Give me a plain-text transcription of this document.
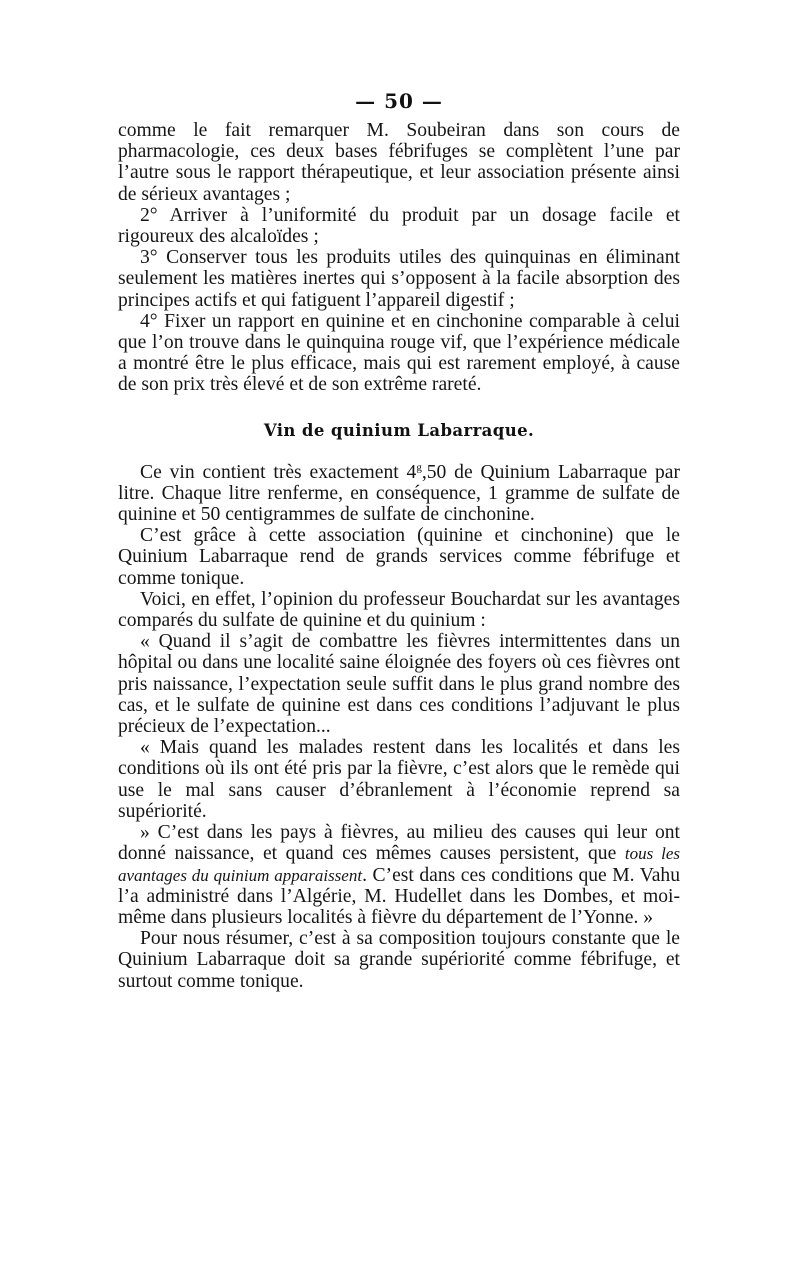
— 50 —

comme le fait remarquer M. Soubeiran dans son cours de pharmacologie, ces deux bases fébrifuges se complètent l’une par l’autre sous le rapport thérapeutique, et leur association présente ainsi de sérieux avantages ;

2° Arriver à l’uniformité du produit par un dosage facile et rigoureux des alcaloïdes ;

3° Conserver tous les produits utiles des quinquinas en éliminant seulement les matières inertes qui s’opposent à la facile absorption des principes actifs et qui fatiguent l’appareil digestif ;

4° Fixer un rapport en quinine et en cinchonine comparable à celui que l’on trouve dans le quinquina rouge vif, que l’expérience médicale a montré être le plus efficace, mais qui est rarement employé, à cause de son prix très élevé et de son extrême rareté.

Vin de quinium Labarraque .

Ce vin contient très exactement 4$^g$,50 de Quinium Labarraque par litre. Chaque litre renferme, en conséquence, 1 gramme de sulfate de quinine et 50 centigrammes de sulfate de cinchonine.

C’est grâce à cette association (quinine et cinchonine) que le Quinium Labarraque rend de grands services comme fébrifuge et comme tonique.

Voici, en effet, l’opinion du professeur Bouchardat sur les avantages comparés du sulfate de quinine et du quinium :

« Quand il s’agit de combattre les fièvres intermittentes dans un hôpital ou dans une localité saine éloignée des foyers où ces fièvres ont pris naissance, l’expectation seule suffit dans le plus grand nombre des cas, et le sulfate de quinine est dans ces conditions l’adjuvant le plus précieux de l’expectation...

« Mais quand les malades restent dans les localités et dans les conditions où ils ont été pris par la fièvre, c’est alors que le remède qui use le mal sans causer d’ébranlement à l’économie reprend sa supériorité.

» C’est dans les pays à fièvres, au milieu des causes qui leur ont donné naissance, et quand ces mêmes causes persistent, que tous les avantages du quinium apparaissent. C’est dans ces conditions que M. Vahu l’a administré dans l’Algérie, M. Hudellet dans les Dombes, et moi-même dans plusieurs localités à fièvre du département de l’Yonne. »

Pour nous résumer, c’est à sa composition toujours constante que le Quinium Labarraque doit sa grande supériorité comme fébrifuge, et surtout comme tonique.
